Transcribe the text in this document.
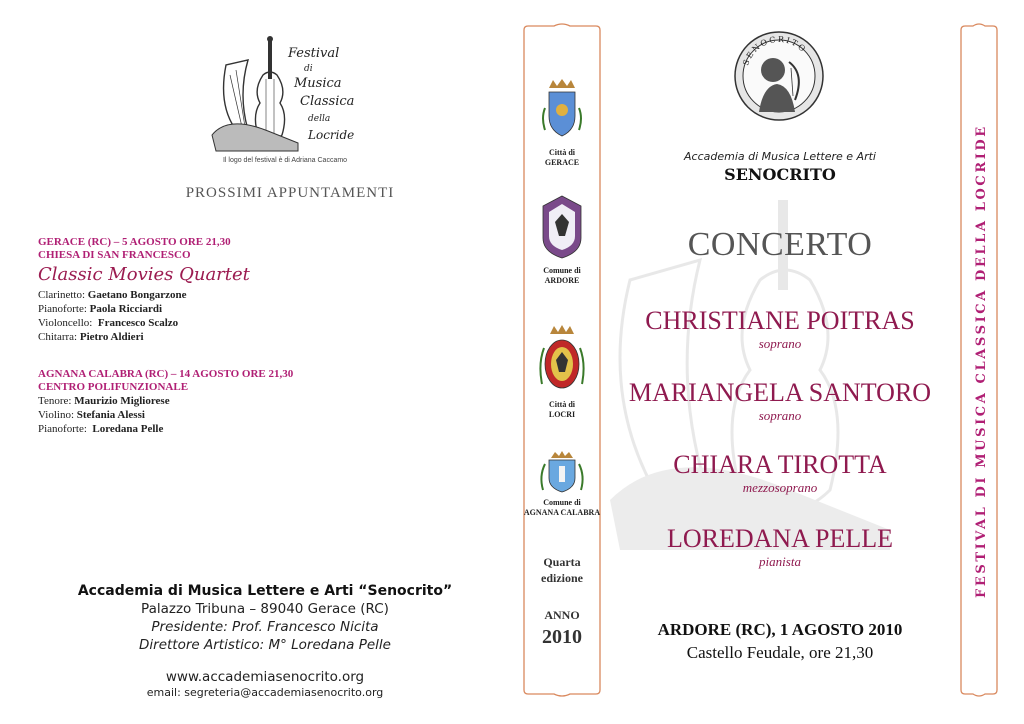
Festival
di
Musica
Classica
della
Locride
Il logo del festival è di Adriana Caccamo
PROSSIMI APPUNTAMENTI
GERACE (RC) – 5 AGOSTO ORE 21,30
CHIESA DI SAN FRANCESCO
Classic Movies Quartet
Clarinetto: Gaetano Bongarzone
Pianoforte: Paola Ricciardi
Violoncello:  Francesco Scalzo
Chitarra: Pietro Aldieri
AGNANA CALABRA (RC) – 14 AGOSTO ORE 21,30
CENTRO POLIFUNZIONALE
Tenore: Maurizio Migliorese
Violino: Stefania Alessi
Pianoforte:  Loredana Pelle
Accademia di Musica Lettere e Arti “Senocrito”
Palazzo Tribuna – 89040 Gerace (RC)
Presidente: Prof. Francesco Nicita
Direttore Artistico: M° Loredana Pelle
www.accademiasenocrito.org
email: segreteria@accademiasenocrito.org
Città di
GERACE
Comune di
ARDORE
Città di
LOCRI
Comune di
AGNANA CALABRA
Quarta
edizione
ANNO
2010
SENOCRITO
Accademia di Musica Lettere e Arti
SENOCRITO
CONCERTO
CHRISTIANE POITRAS
soprano
MARIANGELA SANTORO
soprano
CHIARA TIROTTA
mezzosoprano
LOREDANA PELLE
pianista
ARDORE (RC), 1 AGOSTO 2010
Castello Feudale, ore 21,30
FESTIVAL DI MUSICA CLASSICA DELLA LOCRIDE
